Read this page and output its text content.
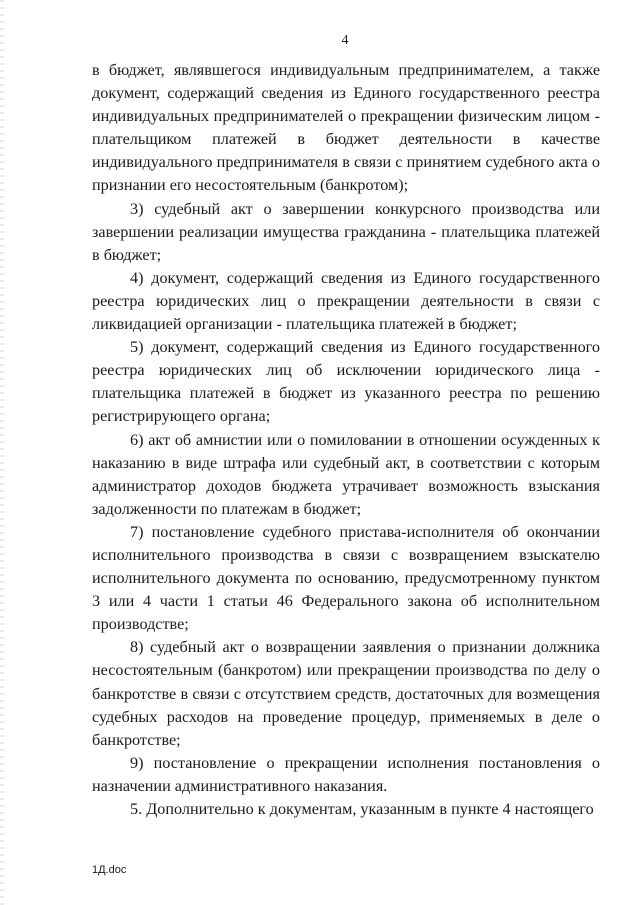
4

в бюджет, являвшегося индивидуальным предпринимателем, а также документ, содержащий сведения из Единого государственного реестра индивидуальных предпринимателей о прекращении физическим лицом - плательщиком платежей в бюджет деятельности в качестве индивидуального предпринимателя в связи с принятием судебного акта о признании его несостоятельным (банкротом);

3) судебный акт о завершении конкурсного производства или завершении реализации имущества гражданина - плательщика платежей в бюджет;

4) документ, содержащий сведения из Единого государственного реестра юридических лиц о прекращении деятельности в связи с ликвидацией организации - плательщика платежей в бюджет;

5) документ, содержащий сведения из Единого государственного реестра юридических лиц об исключении юридического лица - плательщика платежей в бюджет из указанного реестра по решению регистрирующего органа;

6) акт об амнистии или о помиловании в отношении осужденных к наказанию в виде штрафа или судебный акт, в соответствии с которым администратор доходов бюджета утрачивает возможность взыскания задолженности по платежам в бюджет;

7) постановление судебного пристава-исполнителя об окончании исполнительного производства в связи с возвращением взыскателю исполнительного документа по основанию, предусмотренному пунктом 3 или 4 части 1 статьи 46 Федерального закона об исполнительном производстве;

8) судебный акт о возвращении заявления о признании должника несостоятельным (банкротом) или прекращении производства по делу о банкротстве в связи с отсутствием средств, достаточных для возмещения судебных расходов на проведение процедур, применяемых в деле о банкротстве;

9) постановление о прекращении исполнения постановления о назначении административного наказания.

5. Дополнительно к документам, указанным в пункте 4 настоящего

1Д.doc
